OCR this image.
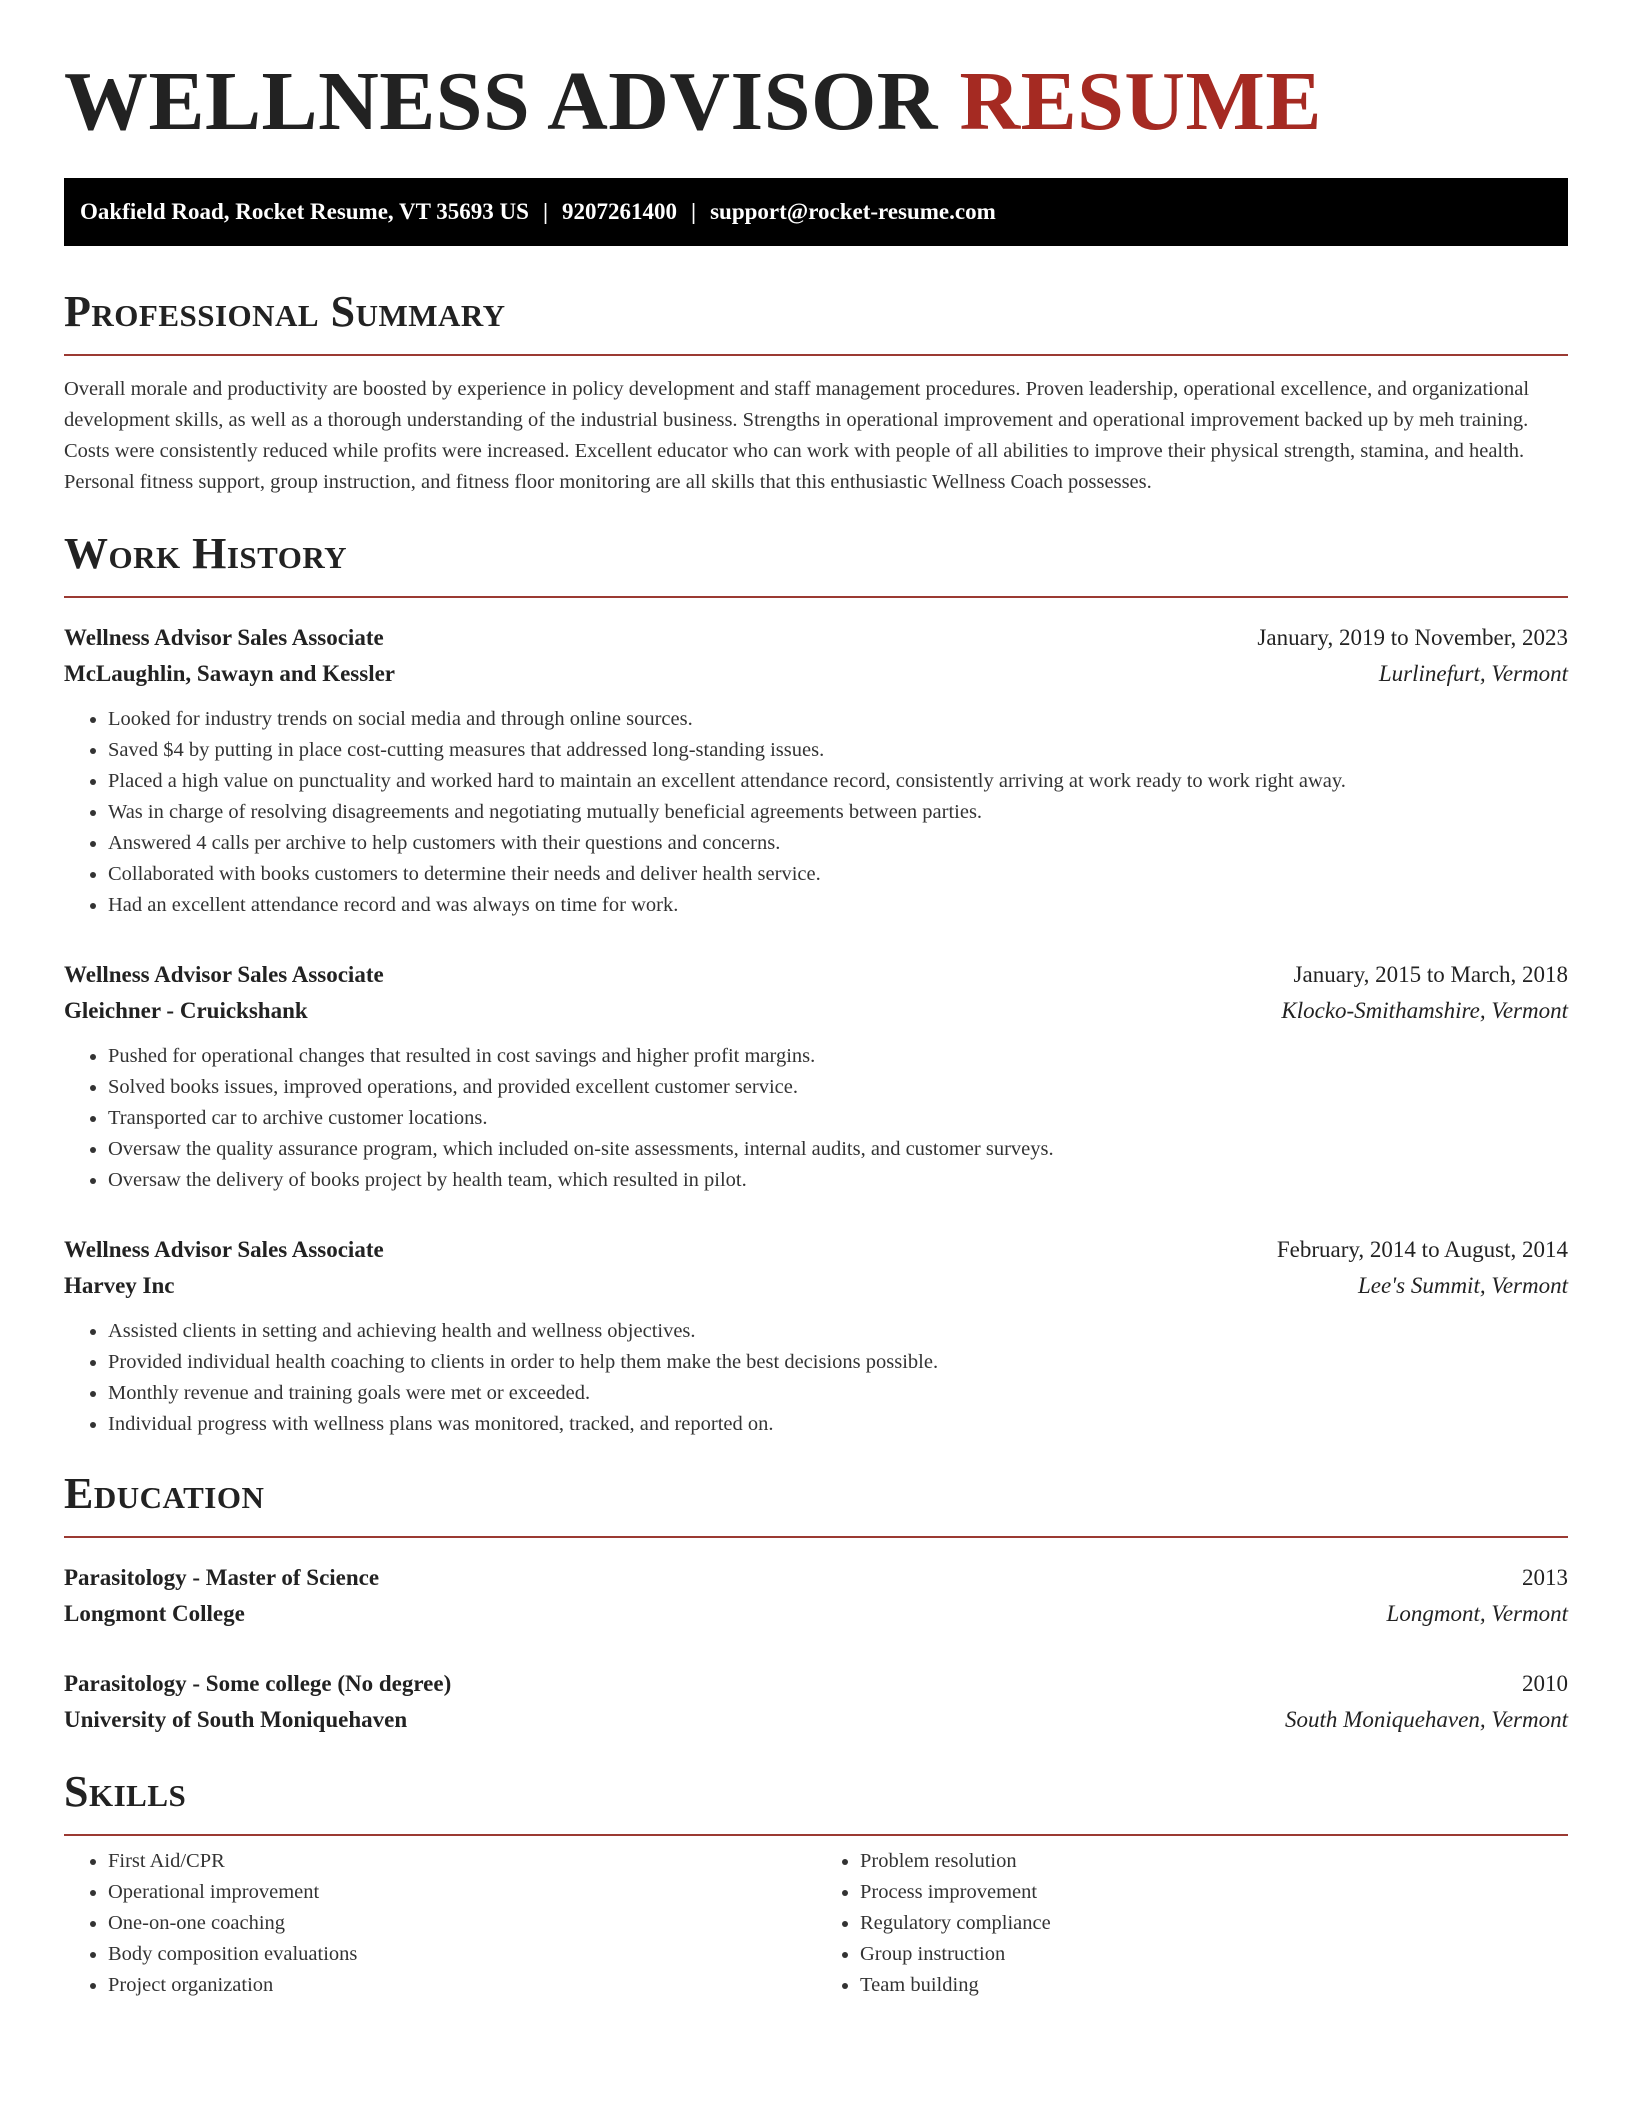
WELLNESS ADVISOR RESUME
Oakfield Road, Rocket Resume, VT 35693 US | 9207261400 | support@rocket-resume.com
Professional Summary

Overall morale and productivity are boosted by experience in policy development and staff management procedures. Proven leadership, operational excellence, and organizational development skills, as well as a thorough understanding of the industrial business. Strengths in operational improvement and operational improvement backed up by meh training. Costs were consistently reduced while profits were increased. Excellent educator who can work with people of all abilities to improve their physical strength, stamina, and health. Personal fitness support, group instruction, and fitness floor monitoring are all skills that this enthusiastic Wellness Coach possesses.

Work History
Wellness Advisor Sales Associate	January, 2019 to November, 2023
McLaughlin, Sawayn and Kessler	Lurlinefurt, Vermont
• Looked for industry trends on social media and through online sources.
• Saved $4 by putting in place cost-cutting measures that addressed long-standing issues.
• Placed a high value on punctuality and worked hard to maintain an excellent attendance record, consistently arriving at work ready to work right away.
• Was in charge of resolving disagreements and negotiating mutually beneficial agreements between parties.
• Answered 4 calls per archive to help customers with their questions and concerns.
• Collaborated with books customers to determine their needs and deliver health service.
• Had an excellent attendance record and was always on time for work.
Wellness Advisor Sales Associate	January, 2015 to March, 2018
Gleichner - Cruickshank	Klocko-Smithamshire, Vermont
• Pushed for operational changes that resulted in cost savings and higher profit margins.
• Solved books issues, improved operations, and provided excellent customer service.
• Transported car to archive customer locations.
• Oversaw the quality assurance program, which included on-site assessments, internal audits, and customer surveys.
• Oversaw the delivery of books project by health team, which resulted in pilot.
Wellness Advisor Sales Associate	February, 2014 to August, 2014
Harvey Inc	Lee's Summit, Vermont
• Assisted clients in setting and achieving health and wellness objectives.
• Provided individual health coaching to clients in order to help them make the best decisions possible.
• Monthly revenue and training goals were met or exceeded.
• Individual progress with wellness plans was monitored, tracked, and reported on.
Education
Parasitology - Master of Science	2013
Longmont College	Longmont, Vermont
Parasitology - Some college (No degree)	2010
University of South Moniquehaven	South Moniquehaven, Vermont
Skills
• First Aid/CPR
• Operational improvement
• One-on-one coaching
• Body composition evaluations
• Project organization
• Problem resolution
• Process improvement
• Regulatory compliance
• Group instruction
• Team building
